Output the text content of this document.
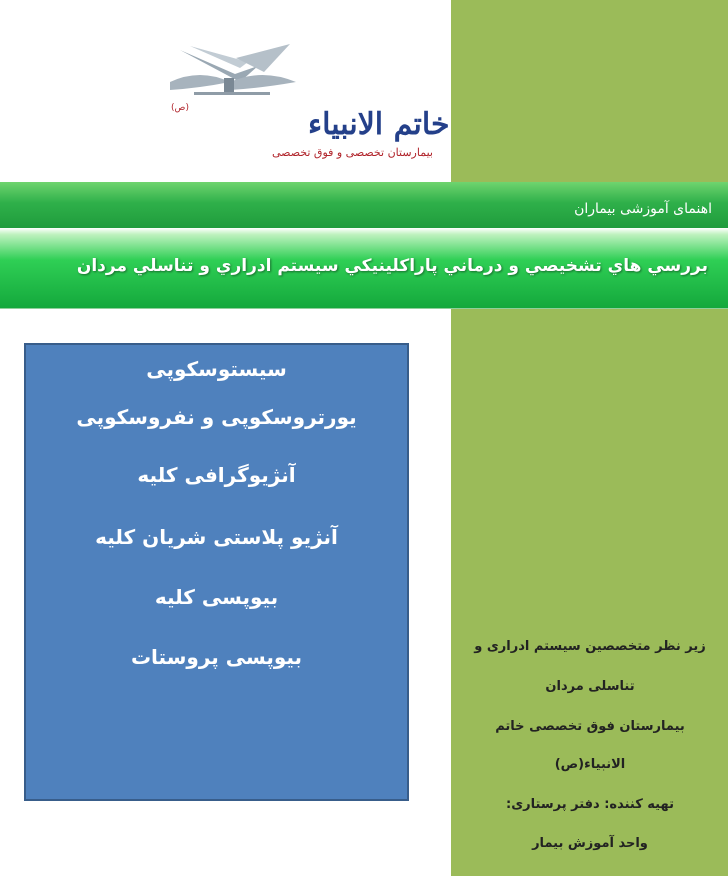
خاتم الانبیاء
(ص)
بیمارستان تخصصی و فوق تخصصی
اهنمای آموزشی بیماران
بررسي هاي تشخيصي و درماني پاراكلينيكي سيستم ادراري و تناسلي مردان
سیستوسکوپی
یورتروسکوپی و نفروسکوپی
آنژیوگرافی کلیه
آنژیو پلاستی شریان کلیه
بیوپسی کلیه
بیوپسی پروستات	زیر نظر متخصصین سیستم ادراری و
تناسلی مردان
بیمارستان فوق تخصصی خاتم
الانبیاء(ص)
تهیه کننده: دفتر پرستاری:
واحد آموزش بیمار
